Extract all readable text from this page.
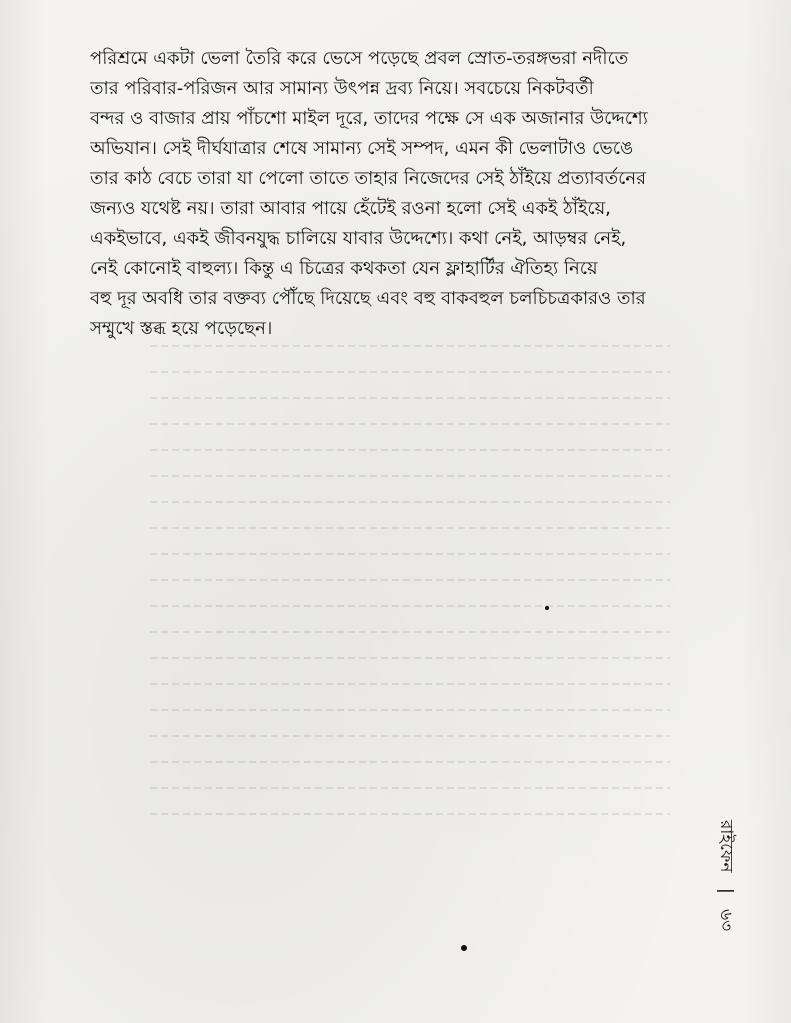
পরিশ্রমে একটা ভেলা তৈরি করে ভেসে পড়েছে প্রবল স্রোত-তরঙ্গভরা নদীতে
তার পরিবার-পরিজন আর সামান্য উৎপন্ন দ্রব্য নিয়ে। সবচেয়ে নিকটবর্তী
বন্দর ও বাজার প্রায় পাঁচশো মাইল দূরে, তাদের পক্ষে সে এক অজানার উদ্দেশ্যে
অভিযান। সেই দীর্ঘযাত্রার শেষে সামান্য সেই সম্পদ, এমন কী ভেলাটাও ভেঙে
তার কাঠ বেচে তারা যা পেলো তাতে তাহার নিজেদের সেই ঠাঁইয়ে প্রত্যাবর্তনের
জন্যও যথেষ্ট নয়। তারা আবার পায়ে হেঁটেই রওনা হলো সেই একই ঠাঁইয়ে,
একইভাবে, একই জীবনযুদ্ধ চালিয়ে যাবার উদ্দেশ্যে। কথা নেই, আড়ম্বর নেই,
নেই কোনোই বাহুল্য। কিন্তু এ চিত্রের কথকতা যেন ফ্লাহার্টির ঐতিহ্য নিয়ে
বহু দূর অবধি তার বক্তব্য পৌঁছে দিয়েছে এবং বহু বাকবহুল চলচিচত্রকারও তার
সম্মুখে স্তব্ধ হয়ে পড়েছেন।

রাইফেন | ৬৩
